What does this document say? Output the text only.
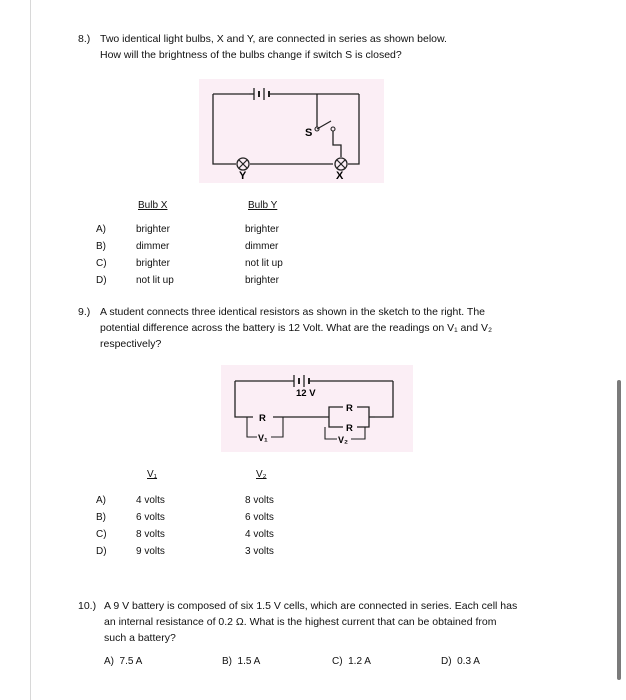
8.) Two identical light bulbs, X and Y, are connected in series as shown below.
How will the brightness of the bulbs change if switch S is closed?
S
Y	X
Bulb X	Bulb Y
A)	brighter	brighter
B)	dimmer	dimmer
C)	brighter	not lit up
D)	not lit up	brighter
9.) A student connects three identical resistors as shown in the sketch to the right. The
potential difference across the battery is 12 Volt. What are the readings on V₁ and V₂
respectively?
12 V
R
V₁
R
R
V₂
V₁	V₂
A)	4 volts	8 volts
B)	6 volts	6 volts
C)	8 volts	4 volts
D)	9 volts	3 volts
10.) A 9 V battery is composed of six 1.5 V cells, which are connected in series. Each cell has
an internal resistance of 0.2 Ω. What is the highest current that can be obtained from
such a battery?
A)  7.5 A	B)  1.5 A	C)  1.2 A	D)  0.3 A
